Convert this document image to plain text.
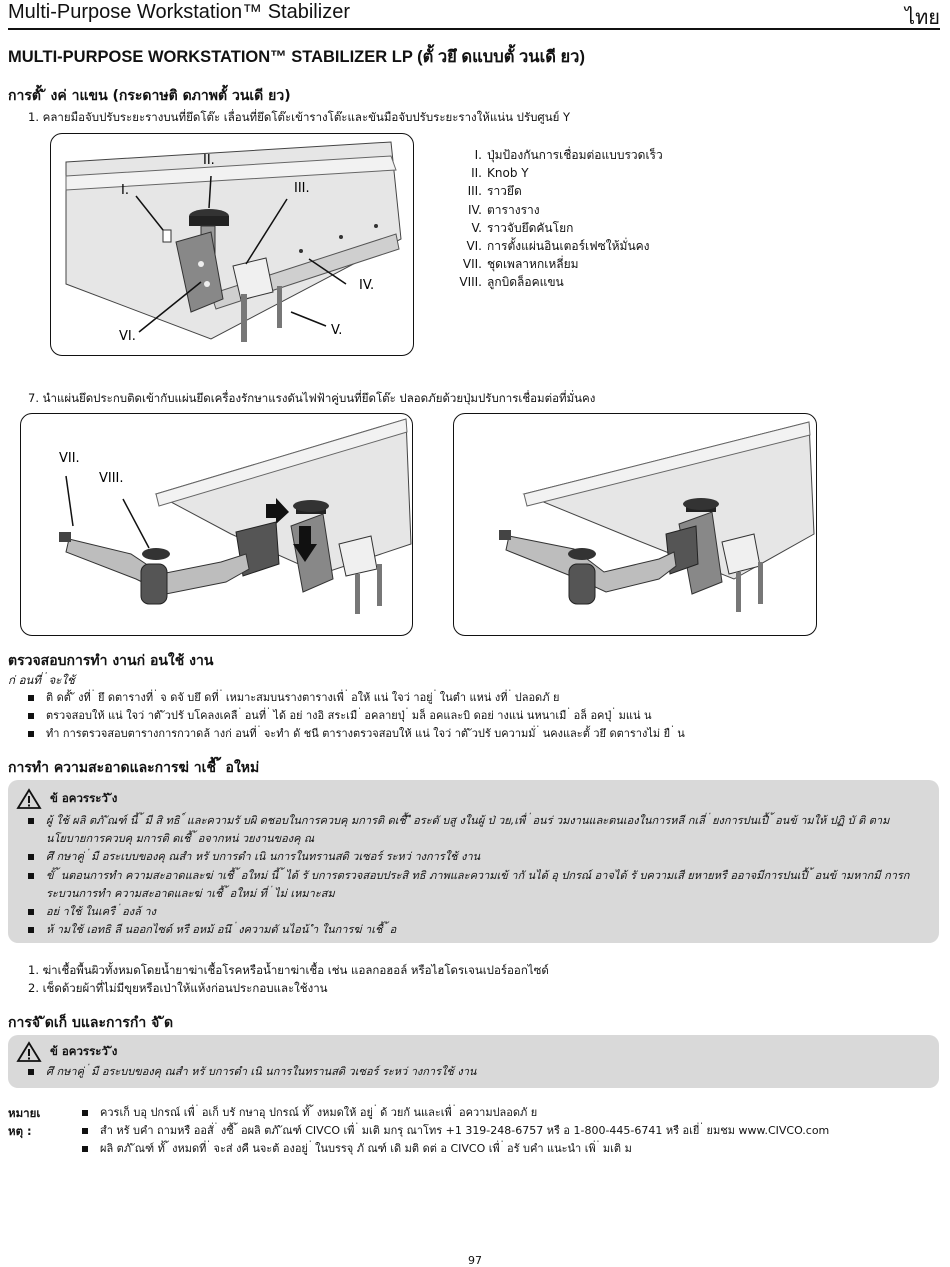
Multi-Purpose Workstation™ Stabilizer	ไทย
MULTI-PURPOSE WORKSTATION™ STABILIZER LP (ตั้ วยึ ดแบบตั้ วนเดี ยว)
การตั้ ั งค่ าแขน (กระดาษติ ดภาพตั้ วนเดี ยว)
1. คลายมือจับปรับระยะรางบนที่ยึดโต๊ะ เลื่อนที่ยึดโต๊ะเข้ารางโต๊ะและขันมือจับปรับระยะรางให้แน่น ปรับศูนย์ Y
II.
I.	III.
IV.
VI.	V.
I. ปุ่มป้องกันการเชื่อมต่อแบบรวดเร็ว
II. Knob Y
III. ราวยึด
IV. ตารางราง
V. ราวจับยึดคันโยก
VI. การตั้งแผ่นอินเตอร์เฟซให้มั่นคง
VII. ชุดเพลาหกเหลี่ยม
VIII. ลูกบิดล็อคแขน
7. นำแผ่นยึดประกบติดเข้ากับแผ่นยึดเครื่องรักษาแรงดันไฟฟ้าคู่บนที่ยึดโต๊ะ ปลอดภัยด้วยปุ่มปรับการเชื่อมต่อที่มั่นคง
VII.
VIII.
ตรวจสอบการทำ งานก่ อนใช้ งาน
ก่ อนที่ ่ จะใช้
ติ ดตั้ ั งที่ ่ ยึ ดตารางที่ ่ จ ดจั บยึ ดที่ ่ เหมาะสมบนรางตารางเพื่ ่ อให้ แน่ ใจว่ าอยู่ ่ ในตำ แหน่ งที่ ่ ปลอดภั ย
ตรวจสอบให้ แน่ ใจว่ าตั ัวปรั บโคลงเคลื ่ อนที่ ่ ได้ อย่ างอิ สระเมื ่ อคลายปุ่ ่ มล็ อคและบิ ดอย่ างแน่ นหนาเมื ่ อล็ อคปุ่ ่ มแน่ น
ทำ การตรวจสอบตารางการกวาดล้ างก่ อนที่ ่ จะทำ ดั ชนี ตารางตรวจสอบให้ แน่ ใจว่ าตั ัวปรั บความมั่ ่ นคงและตั้ วยึ ดตารางไม่ ยื ่ น
การทำ ความสะอาดและการฆ่ าเชื้ ้ อใหม่
ข้ อควรระวั ัง
ผู้ ใช้ ผลิ ตภั ัณฑ์ นี้ ้ มี สิ ทธิ ์ และความรั บผิ ดชอบในการควบคุ มการติ ดเชื้ ื อระดั บสู งในผู้ ป่ วย,เพื่ ่ อนร่ วมงานและตนเองในการหลี กเลี่ ่ ยงการปนเปื้ ้ อนข้ ามให้ ปฏิ บั ติ ตามนโยบายการควบคุ มการติ ดเชื้ ้ อจากหน่ วยงานของคุ ณ
ศึ กษาคู่ ่ มื อระเบบของคุ ณสำ หรั บการดำ เนิ นการในทรานสดิ วเซอร์ ระหว่ างการใช้ งาน
ขั้ ้ นตอนการทำ ความสะอาดและฆ่ าเชื้ ้ อใหม่ นี้ ้ ได้ รั บการตรวจสอบประสิ ทธิ ภาพและความเข้ ากั นได้ อุ ปกรณ์ อาจได้ รั บความเสี ยหายหรื ออาจมีการปนเปื้ ้ อนข้ ามหากมี การกระบวนการทำ ความสะอาดและฆ่ าเชื้ ้ อใหม่ ที่ ่ ไม่ เหมาะสม
อย่ าใช้ ในเครื ่ องล้ าง
ห้ ามใช้ เอทธิ ลี นออกไซด์ หรื อหม้ อนึ ่ งความดั นไอน้ ำ ในการฆ่ าเชื้ ้ อ
1. ฆ่าเชื้อพื้นผิวทั้งหมดโดยน้ำยาฆ่าเชื้อโรคหรือน้ำยาฆ่าเชื้อ เช่น แอลกอฮอล์ หรือไฮโดรเจนเปอร์ออกไซด์
2. เช็ดด้วยผ้าที่ไม่มีขุยหรือเป่าให้แห้งก่อนประกอบและใช้งาน
การจั ัดเก็ บและการกำ จั ัด
ข้ อควรระวั ัง
ศึ กษาคู่ ่ มื อระบบของคุ ณสำ หรั บการดำ เนิ นการในทรานสดิ วเซอร์ ระหว่ างการใช้ งาน
หมายเ
หตุ :
ควรเก็ บอุ ปกรณ์ เพื่ ่ อเก็ บรั กษาอุ ปกรณ์ ทั้ ้ งหมดให้ อยู่ ่ ด้ วยกั นและเพื่ ่ อความปลอดภั ย
สำ หรั บคำ ถามหรื ออสั่ ่ งซื้ ้ อผลิ ตภั ัณฑ์ CIVCO เพื่ ่ มเติ มกรุ ณาโทร +1 319-248-6757 หรื อ 1-800-445-6741 หรื อเยี่ ่ ยมชม www.CIVCO.com
ผลิ ตภั ัณฑ์ ทั้ ้ งหมดที่ ่ จะส่ งคื นจะต้ องอยู่ ่ ในบรรจุ ภั ณฑ์ เดิ มติ ดต่ อ CIVCO เพื่ ่ อรั บคำ แนะนำ เพิ่ ่ มเติ ม
97
